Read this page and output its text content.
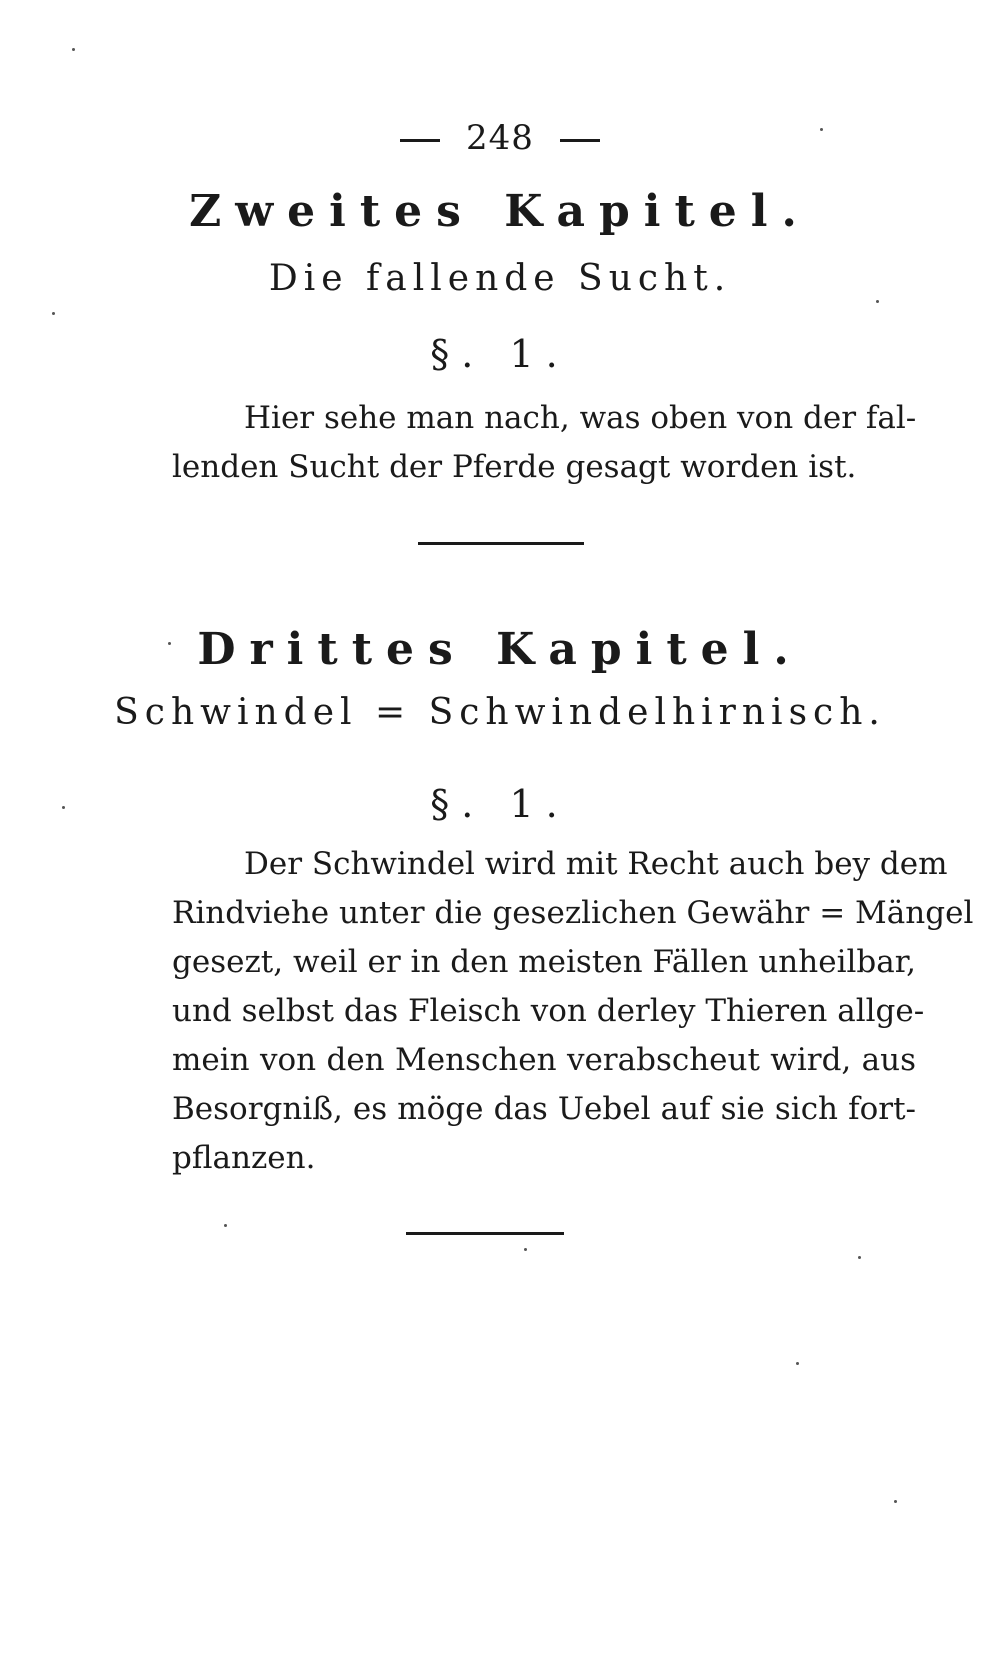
248
Zweites Kapitel.
Die fallende Sucht.
§. 1.
Hier sehe man nach, was oben von der fal-
lenden Sucht der Pferde gesagt worden ist.
Drittes Kapitel.
Schwindel = Schwindelhirnisch.
§. 1.
Der Schwindel wird mit Recht auch bey dem
Rindviehe unter die gesezlichen Gewähr = Mängel
gesezt, weil er in den meisten Fällen unheilbar,
und selbst das Fleisch von derley Thieren allge-
mein von den Menschen verabscheut wird, aus
Besorgniß, es möge das Uebel auf sie sich fort-
pflanzen.
